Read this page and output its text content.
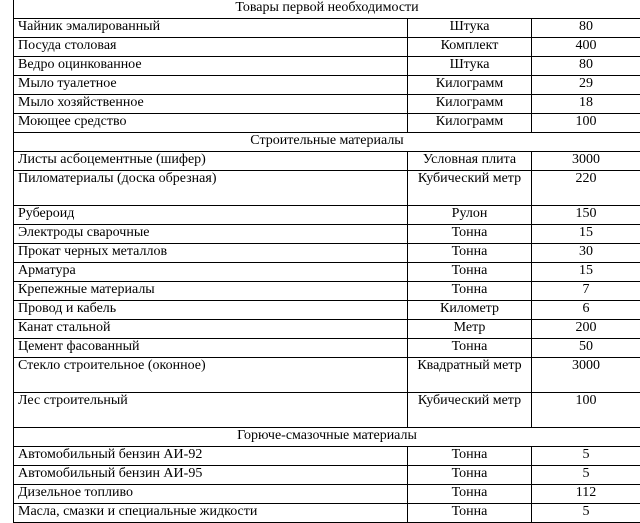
Товары первой необходимости		
Чайник эмалированный	Штука	80
Посуда столовая	Комплект	400
Ведро оцинкованное	Штука	80
Мыло туалетное	Килограмм	29
Мыло хозяйственное	Килограмм	18
Моющее средство	Килограмм	100
Строительные материалы		
Листы асбоцементные (шифер)	Условная плита	3000
Пиломатериалы (доска обрезная)	Кубический метр	220
Рубероид	Рулон	150
Электроды сварочные	Тонна	15
Прокат черных металлов	Тонна	30
Арматура	Тонна	15
Крепежные материалы	Тонна	7
Провод и кабель	Километр	6
Канат стальной	Метр	200
Цемент фасованный	Тонна	50
Стекло строительное (оконное)	Квадратный метр	3000
Лес строительный	Кубический метр	100
Горюче-смазочные материалы		
Автомобильный бензин АИ-92	Тонна	5
Автомобильный бензин АИ-95	Тонна	5
Дизельное топливо	Тонна	112
Масла, смазки и специальные жидкости	Тонна	5
